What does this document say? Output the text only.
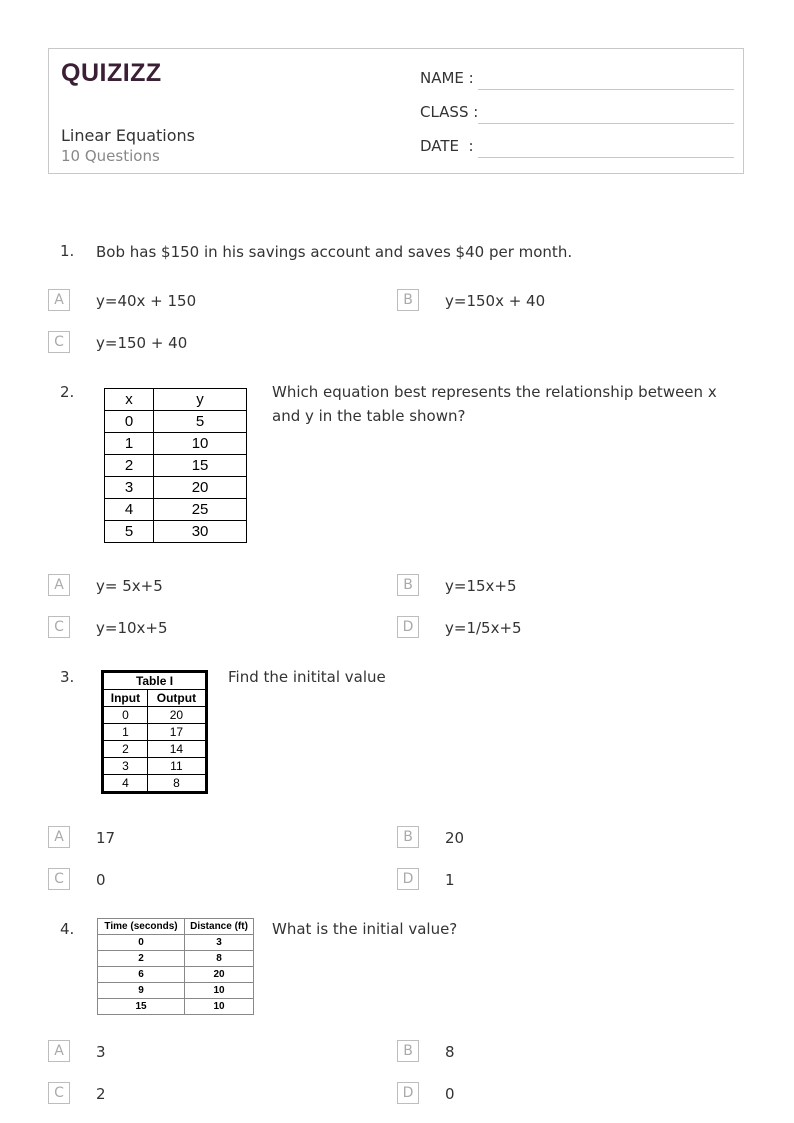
QUIZIZZ
Linear Equations
10 Questions
NAME :
CLASS :
DATE  :
1. Bob has $150 in his savings account and saves $40 per month.
A	y=40x + 150	B	y=150x + 40
C	y=150 + 40
2.	x	y
0	5
1	10
2	15
3	20
4	25
5	30
Which equation best represents the relationship between x and y in the table shown?
A	y= 5x+5	B	y=15x+5
C	y=10x+5	D	y=1/5x+5
3.	Table I	
Input	Output
0	20
1	17
2	14
3	11
4	8
Find the initital value
A	17	B	20
C	0	D	1
4.	Time (seconds)	Distance (ft)
0	3
2	8
6	20
9	10
15	10
What is the initial value?
A	3	B	8
C	2	D	0
